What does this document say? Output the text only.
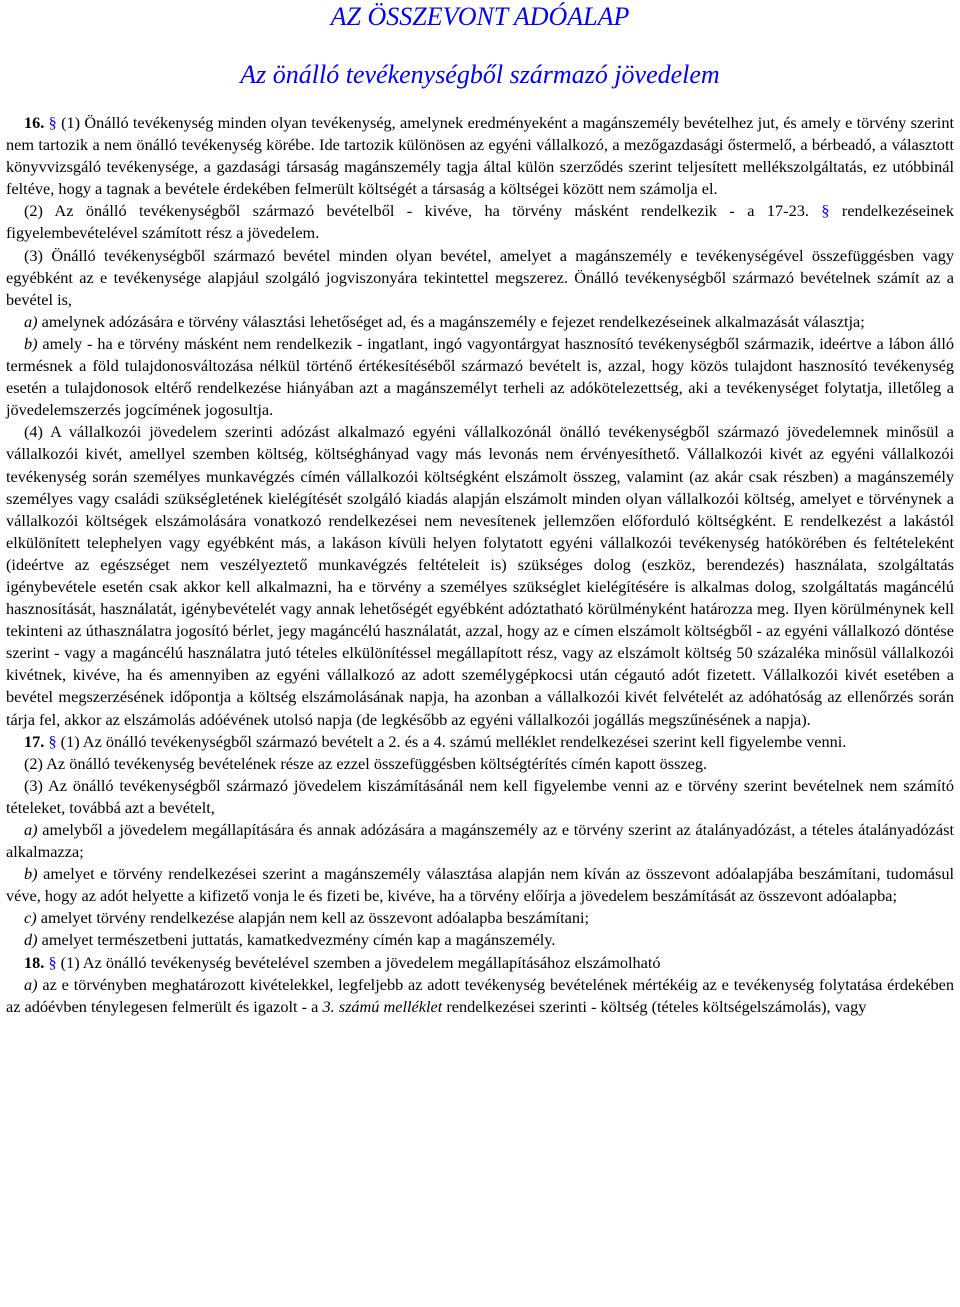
AZ ÖSSZEVONT ADÓALAP
Az önálló tevékenységből származó jövedelem

16. § (1) Önálló tevékenység minden olyan tevékenység, amelynek eredményeként a magánszemély bevételhez jut, és amely e törvény szerint nem tartozik a nem önálló tevékenység körébe. Ide tartozik különösen az egyéni vállalkozó, a mezőgazdasági őstermelő, a bérbeadó, a választott könyvvizsgáló tevékenysége, a gazdasági társaság magánszemély tagja által külön szerződés szerint teljesített mellékszolgáltatás, ez utóbbinál feltéve, hogy a tagnak a bevétele érdekében felmerült költségét a társaság a költségei között nem számolja el.

(2) Az önálló tevékenységből származó bevételből - kivéve, ha törvény másként rendelkezik - a 17-23. § rendelkezéseinek figyelembevételével számított rész a jövedelem.

(3) Önálló tevékenységből származó bevétel minden olyan bevétel, amelyet a magánszemély e tevékenységével összefüggésben vagy egyébként az e tevékenysége alapjául szolgáló jogviszonyára tekintettel megszerez. Önálló tevékenységből származó bevételnek számít az a bevétel is,

a) amelynek adózására e törvény választási lehetőséget ad, és a magánszemély e fejezet rendelkezéseinek alkalmazását választja;

b) amely - ha e törvény másként nem rendelkezik - ingatlant, ingó vagyontárgyat hasznosító tevékenységből származik, ideértve a lábon álló termésnek a föld tulajdonosváltozása nélkül történő értékesítéséből származó bevételt is, azzal, hogy közös tulajdont hasznosító tevékenység esetén a tulajdonosok eltérő rendelkezése hiányában azt a magánszemélyt terheli az adókötelezettség, aki a tevékenységet folytatja, illetőleg a jövedelemszerzés jogcímének jogosultja.

(4) A vállalkozói jövedelem szerinti adózást alkalmazó egyéni vállalkozónál önálló tevékenységből származó jövedelemnek minősül a vállalkozói kivét, amellyel szemben költség, költséghányad vagy más levonás nem érvényesíthető. Vállalkozói kivét az egyéni vállalkozói tevékenység során személyes munkavégzés címén vállalkozói költségként elszámolt összeg, valamint (az akár csak részben) a magánszemély személyes vagy családi szükségletének kielégítését szolgáló kiadás alapján elszámolt minden olyan vállalkozói költség, amelyet e törvénynek a vállalkozói költségek elszámolására vonatkozó rendelkezései nem nevesítenek jellemzően előforduló költségként. E rendelkezést a lakástól elkülönített telephelyen vagy egyébként más, a lakáson kívüli helyen folytatott egyéni vállalkozói tevékenység hatókörében és feltételeként (ideértve az egészséget nem veszélyeztető munkavégzés feltételeit is) szükséges dolog (eszköz, berendezés) használata, szolgáltatás igénybevétele esetén csak akkor kell alkalmazni, ha e törvény a személyes szükséglet kielégítésére is alkalmas dolog, szolgáltatás magáncélú hasznosítását, használatát, igénybevételét vagy annak lehetőségét egyébként adóztatható körülményként határozza meg. Ilyen körülménynek kell tekinteni az úthasználatra jogosító bérlet, jegy magáncélú használatát, azzal, hogy az e címen elszámolt költségből - az egyéni vállalkozó döntése szerint - vagy a magáncélú használatra jutó tételes elkülönítéssel megállapított rész, vagy az elszámolt költség 50 százaléka minősül vállalkozói kivétnek, kivéve, ha és amennyiben az egyéni vállalkozó az adott személygépkocsi után cégautó adót fizetett. Vállalkozói kivét esetében a bevétel megszerzésének időpontja a költség elszámolásának napja, ha azonban a vállalkozói kivét felvételét az adóhatóság az ellenőrzés során tárja fel, akkor az elszámolás adóévének utolsó napja (de legkésőbb az egyéni vállalkozói jogállás megszűnésének a napja).

17. § (1) Az önálló tevékenységből származó bevételt a 2. és a 4. számú melléklet rendelkezései szerint kell figyelembe venni.

(2) Az önálló tevékenység bevételének része az ezzel összefüggésben költségtérítés címén kapott összeg.

(3) Az önálló tevékenységből származó jövedelem kiszámításánál nem kell figyelembe venni az e törvény szerint bevételnek nem számító tételeket, továbbá azt a bevételt,

a) amelyből a jövedelem megállapítására és annak adózására a magánszemély az e törvény szerint az átalányadózást, a tételes átalányadózást alkalmazza;

b) amelyet e törvény rendelkezései szerint a magánszemély választása alapján nem kíván az összevont adóalapjába beszámítani, tudomásul véve, hogy az adót helyette a kifizető vonja le és fizeti be, kivéve, ha a törvény előírja a jövedelem beszámítását az összevont adóalapba;

c) amelyet törvény rendelkezése alapján nem kell az összevont adóalapba beszámítani;

d) amelyet természetbeni juttatás, kamatkedvezmény címén kap a magánszemély.

18. § (1) Az önálló tevékenység bevételével szemben a jövedelem megállapításához elszámolható

a) az e törvényben meghatározott kivételekkel, legfeljebb az adott tevékenység bevételének mértékéig az e tevékenység folytatása érdekében az adóévben ténylegesen felmerült és igazolt - a 3. számú melléklet rendelkezései szerinti - költség (tételes költségelszámolás), vagy
